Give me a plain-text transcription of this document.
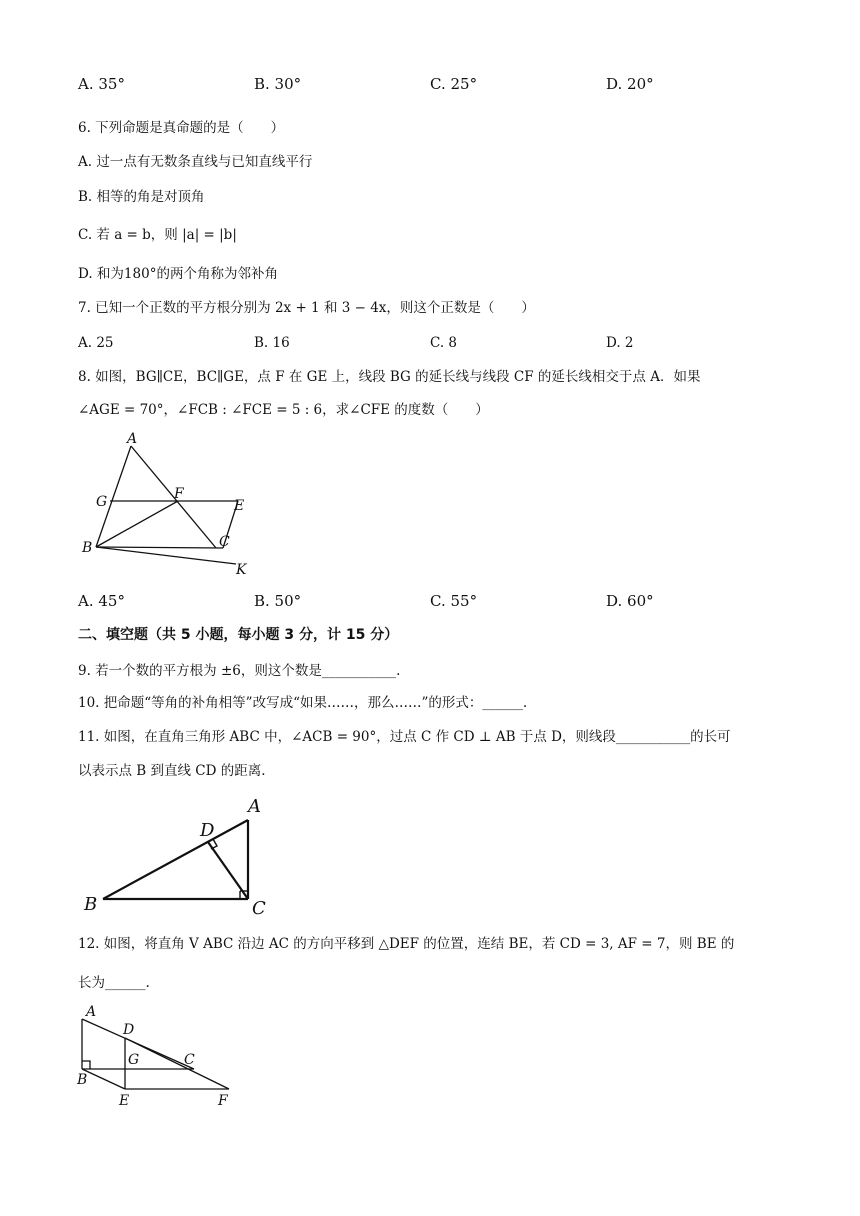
A. 35°	B. 30°	C. 25°	D. 20°
6. 下列命题是真命题的是（　　）
A. 过一点有无数条直线与已知直线平行
B. 相等的角是对顶角
C. 若 a = b，则 |a| = |b|
D. 和为180°的两个角称为邻补角
7. 已知一个正数的平方根分别为 2x + 1 和 3 − 4x，则这个正数是（　　）
A. 25	B. 16	C. 8	D. 2
8. 如图，BG∥CE，BC∥GE，点 F 在 GE 上，线段 BG 的延长线与线段 CF 的延长线相交于点 A．如果
∠AGE = 70°，∠FCB : ∠FCE = 5 : 6，求∠CFE 的度数（　　）
A
G	F
E
B	C
K
A. 45°	B. 50°	C. 55°	D. 60°
二、填空题（共 5 小题，每小题 3 分，计 15 分）
9. 若一个数的平方根为 ±6，则这个数是___________.
10. 把命题“等角的补角相等”改写成“如果……，那么……”的形式：______.
11. 如图，在直角三角形 ABC 中，∠ACB = 90°，过点 C 作 CD ⊥ AB 于点 D，则线段___________的长可
以表示点 B 到直线 CD 的距离.
A
D
B	C
12. 如图，将直角 V ABC 沿边 AC 的方向平移到 △DEF 的位置，连结 BE，若 CD = 3, AF = 7，则 BE 的
长为______.
A
D
G	C
B
E	F
